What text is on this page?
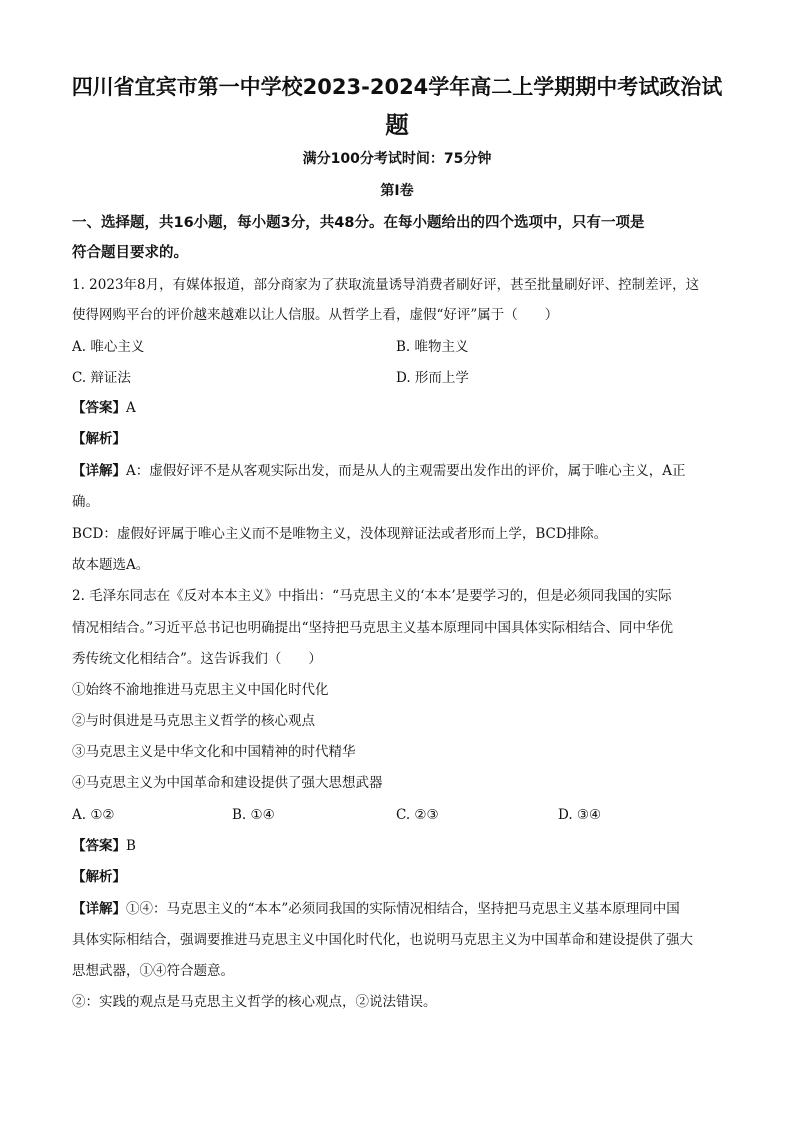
四川省宜宾市第一中学校2023-2024学年高二上学期期中考试政治试
题
满分100分考试时间：75分钟
第Ⅰ卷
一、选择题，共16小题，每小题3分，共48分。在每小题给出的四个选项中，只有一项是
符合题目要求的。
1. 2023年8月，有媒体报道，部分商家为了获取流量诱导消费者刷好评，甚至批量刷好评、控制差评，这
使得网购平台的评价越来越难以让人信服。从哲学上看，虚假“好评”属于（　　）
A. 唯心主义	B. 唯物主义
C. 辩证法	D. 形而上学
【答案】A
【解析】
【详解】A：虚假好评不是从客观实际出发，而是从人的主观需要出发作出的评价，属于唯心主义，A正
确。
BCD：虚假好评属于唯心主义而不是唯物主义，没体现辩证法或者形而上学，BCD排除。
故本题选A。
2. 毛泽东同志在《反对本本主义》中指出：“马克思主义的‘本本’是要学习的，但是必须同我国的实际
情况相结合。”习近平总书记也明确提出“坚持把马克思主义基本原理同中国具体实际相结合、同中华优
秀传统文化相结合”。这告诉我们（　　）
①始终不渝地推进马克思主义中国化时代化
②与时俱进是马克思主义哲学的核心观点
③马克思主义是中华文化和中国精神的时代精华
④马克思主义为中国革命和建设提供了强大思想武器
A. ①②	B. ①④	C. ②③	D. ③④
【答案】B
【解析】
【详解】①④：马克思主义的“本本”必须同我国的实际情况相结合，坚持把马克思主义基本原理同中国
具体实际相结合，强调要推进马克思主义中国化时代化，也说明马克思主义为中国革命和建设提供了强大
思想武器，①④符合题意。
②：实践的观点是马克思主义哲学的核心观点，②说法错误。
